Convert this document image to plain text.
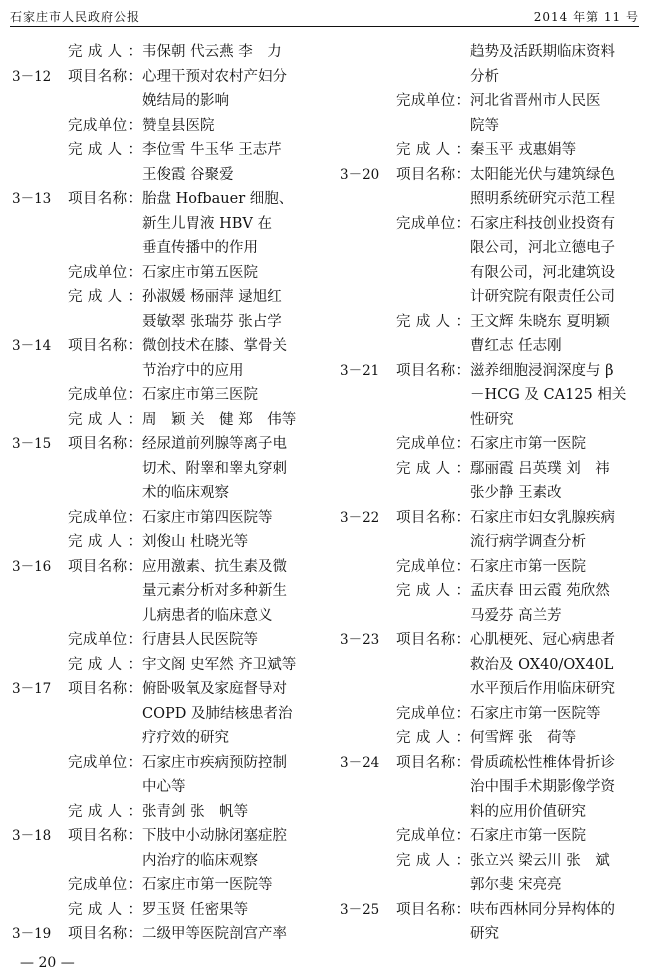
石家庄市人民政府公报	2014 年第 11 号
完成人 ：	韦保朝 代云燕 李　力
3－12	项目名称 ：	心理干预对农村产妇分
娩结局的影响
完成单位 ：	赞皇县医院
完成人 ：	李位雪 牛玉华 王志芹
王俊霞 谷聚爱
3－13	项目名称 ：	胎盘 Hofbauer 细胞、
新生儿胃液 HBV 在
垂直传播中的作用
完成单位 ：	石家庄市第五医院
完成人 ：	孙淑媛 杨丽萍 逯旭红
聂敏翠 张瑞芬 张占学
3－14	项目名称 ：	微创技术在膝、掌骨关
节治疗中的应用
完成单位 ：	石家庄市第三医院
完成人 ：	周　颖 关　健 郑　伟等
3－15	项目名称 ：	经尿道前列腺等离子电
切术、附睾和睾丸穿刺
术的临床观察
完成单位 ：	石家庄市第四医院等
完成人 ：	刘俊山 杜晓光等
3－16	项目名称 ：	应用激素、抗生素及微
量元素分析对多种新生
儿病患者的临床意义
完成单位 ：	行唐县人民医院等
完成人 ：	宇文阁 史军然 齐卫斌等
3－17	项目名称 ：	俯卧吸氧及家庭督导对
COPD 及肺结核患者治
疗疗效的研究
完成单位 ：	石家庄市疾病预防控制
中心等
完成人 ：	张青剑 张　帆等
3－18	项目名称 ：	下肢中小动脉闭塞症腔
内治疗的临床观察
完成单位 ：	石家庄市第一医院等
完成人 ：	罗玉贤 任密果等
3－19	项目名称 ：	二级甲等医院剖宫产率
趋势及活跃期临床资料
分析
完成单位 ：	河北省晋州市人民医
院等
完成人 ：	秦玉平 戎惠娟等
3－20	项目名称 ：	太阳能光伏与建筑绿色
照明系统研究示范工程
完成单位 ：	石家庄科技创业投资有
限公司，河北立德电子
有限公司，河北建筑设
计研究院有限责任公司
完成人 ：	王文辉 朱晓东 夏明颖
曹红志 任志刚
3－21	项目名称 ：	滋养细胞浸润深度与 β
－HCG 及 CA125 相关
性研究
完成单位 ：	石家庄市第一医院
完成人 ：	鄢丽霞 吕英璞 刘　祎
张少静 王素改
3－22	项目名称 ：	石家庄市妇女乳腺疾病
流行病学调查分析
完成单位 ：	石家庄市第一医院
完成人 ：	孟庆春 田云霞 苑欣然
马爱芬 高兰芳
3－23	项目名称 ：	心肌梗死、冠心病患者
救治及 OX40/OX40L
水平预后作用临床研究
完成单位 ：	石家庄市第一医院等
完成人 ：	何雪辉 张　荷等
3－24	项目名称 ：	骨质疏松性椎体骨折诊
治中围手术期影像学资
料的应用价值研究
完成单位 ：	石家庄市第一医院
完成人 ：	张立兴 梁云川 张　斌
郭尔斐 宋亮亮
3－25	项目名称 ：	呋布西林同分异构体的
研究
— 20 —
